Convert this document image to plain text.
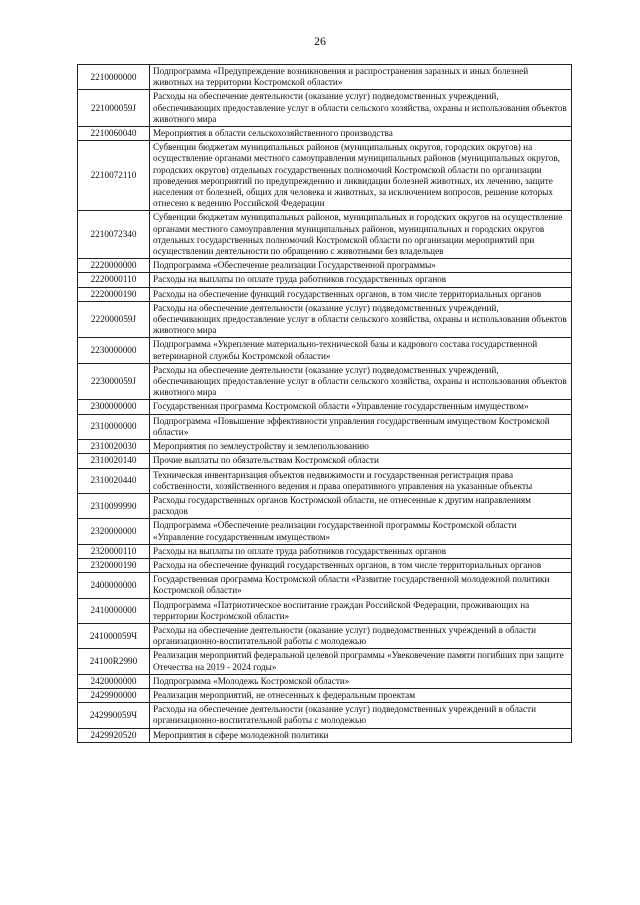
26
2210000000	Подпрограмма «Предупреждение возникновения и распространения заразных и иных болезней животных на территории Костромской области»
221000059J	Расходы на обеспечение деятельности (оказание услуг) подведомственных учреждений, обеспечивающих предоставление услуг в области сельского хозяйства, охраны и использования объектов животного мира
2210060040	Мероприятия в области сельскохозяйственного производства
2210072110	Субвенции бюджетам муниципальных районов (муниципальных округов, городских округов) на осуществление органами местного самоуправления муниципальных районов (муниципальных округов, городских округов) отдельных государственных полномочий Костромской области по организации проведения мероприятий по предупреждению и ликвидации болезней животных, их лечению, защите населения от болезней, общих для человека и животных, за исключением вопросов, решение которых отнесено к ведению Российской Федерации
2210072340	Субвенции бюджетам муниципальных районов, муниципальных и городских округов на осуществление органами местного самоуправления муниципальных районов, муниципальных и городских округов отдельных государственных полномочий Костромской области по организации мероприятий при осуществлении деятельности по обращению с животными без владельцев
2220000000	Подпрограмма «Обеспечение реализации Государственной программы»
2220000110	Расходы на выплаты по оплате труда работников государственных органов
2220000190	Расходы на обеспечение функций государственных органов, в том числе территориальных органов
222000059J	Расходы на обеспечение деятельности (оказание услуг) подведомственных учреждений, обеспечивающих предоставление услуг в области сельского хозяйства, охраны и использования объектов животного мира
2230000000	Подпрограмма «Укрепление материально-технической базы и кадрового состава государственной ветеринарной службы Костромской области»
223000059J	Расходы на обеспечение деятельности (оказание услуг) подведомственных учреждений, обеспечивающих предоставление услуг в области сельского хозяйства, охраны и использования объектов животного мира
2300000000	Государственная программа Костромской области «Управление государственным имуществом»
2310000000	Подпрограмма «Повышение эффективности управления государственным имуществом Костромской области»
2310020030	Мероприятия по землеустройству и землепользованию
2310020140	Прочие выплаты по обязательствам Костромской области
2310020440	Техническая инвентаризация объектов недвижимости и государственная регистрация права собственности, хозяйственного ведения и права оперативного управления на указанные объекты
2310099990	Расходы государственных органов Костромской области, не отнесенные к другим направлениям расходов
2320000000	Подпрограмма «Обеспечение реализации государственной программы Костромской области «Управление государственным имуществом»
2320000110	Расходы на выплаты по оплате труда работников государственных органов
2320000190	Расходы на обеспечение функций государственных органов, в том числе территориальных органов
2400000000	Государственная программа Костромской области «Развитие государственной молодежной политики Костромской области»
2410000000	Подпрограмма «Патриотическое воспитание граждан Российской Федерации, проживающих на территории Костромской области»
241000059Ч	Расходы на обеспечение деятельности (оказание услуг) подведомственных учреждений в области организационно-воспитательной работы с молодежью
24100R2990	Реализация мероприятий федеральной целевой программы «Увековечение памяти погибших при защите Отечества на 2019 - 2024 годы»
2420000000	Подпрограмма «Молодежь Костромской области»
2429900000	Реализация мероприятий, не отнесенных к федеральным проектам
242990059Ч	Расходы на обеспечение деятельности (оказание услуг) подведомственных учреждений в области организационно-воспитательной работы с молодежью
2429920520	Мероприятия в сфере молодежной политики
